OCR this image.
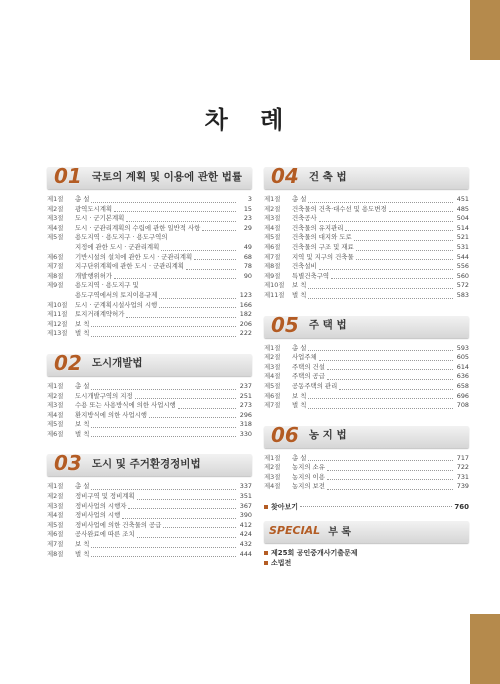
차 례
01 국토의 계획 및 이용에 관한 법률
제1절	총 설	3
제2절	광역도시계획	15
제3절	도시 · 군기본계획	23
제4절	도시 · 군관리계획의 수립에 관한 일반적 사항	29
제5절	용도지역 · 용도지구 · 용도구역의
지정에 관한 도시 · 군관리계획	49
제6절	기반시설의 설치에 관한 도시 · 군관리계획	68
제7절	지구단위계획에 관한 도시 · 군관리계획	78
제8절	개발행위허가	90
제9절	용도지역 · 용도지구 및
용도구역에서의 토지이용규제	123
제10절	도시 · 군계획시설사업의 시행	166
제11절	토지거래계약허가	182
제12절	보 칙	206
제13절	벌 칙	222
02 도시개발법
제1절	총 설	237
제2절	도시개발구역의 지정	251
제3절	수용 또는 사용방식에 의한 사업시행	273
제4절	환지방식에 의한 사업시행	296
제5절	보 칙	318
제6절	벌 칙	330
03 도시 및 주거환경정비법
제1절	총 설	337
제2절	정비구역 및 정비계획	351
제3절	정비사업의 시행자	367
제4절	정비사업의 시행	390
제5절	정비사업에 의한 건축물의 공급	412
제6절	공사완료에 따른 조치	424
제7절	보 칙	432
제8절	벌 칙	444
04 건 축 법
제1절	총 설	451
제2절	건축물의 건축·대수선 및 용도변경	485
제3절	건축공사	504
제4절	건축물의 유지관리	514
제5절	건축물의 대지와 도로	521
제6절	건축물의 구조 및 재료	531
제7절	지역 및 지구의 건축물	544
제8절	건축설비	556
제9절	특별건축구역	560
제10절	보 칙	572
제11절	벌 칙	583
05 주 택 법
제1절	총 설	593
제2절	사업주체	605
제3절	주택의 건설	614
제4절	주택의 공급	636
제5절	공동주택의 관리	658
제6절	보 칙	696
제7절	벌 칙	708
06 농 지 법
제1절	총 설	717
제2절	농지의 소유	722
제3절	농지의 이용	731
제4절	농지의 보전	739
찾아보기	760
SPECIAL 부 록
제25회 공인중개사기출문제
소법전
